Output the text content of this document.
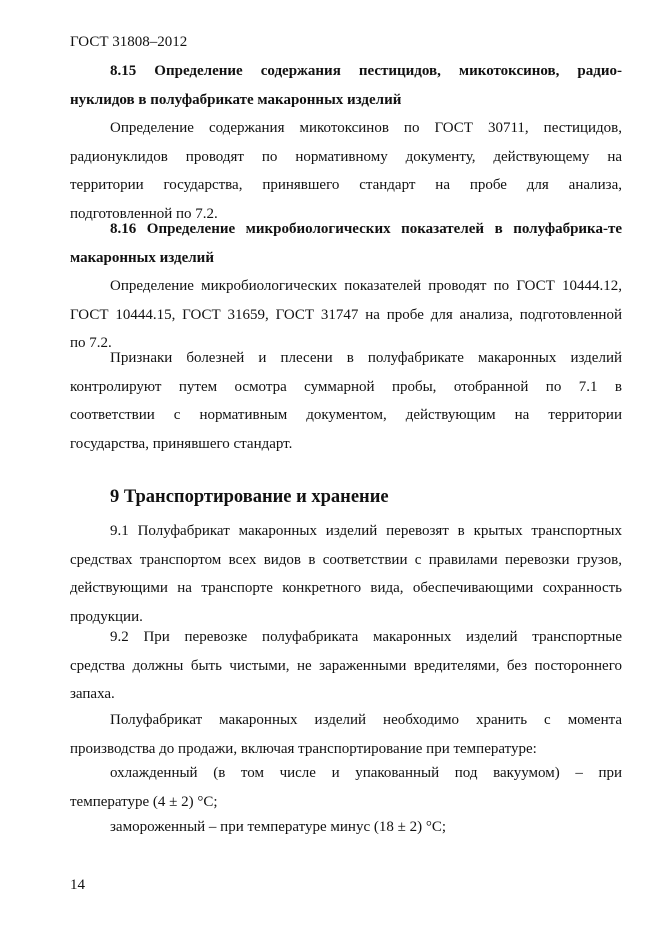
ГОСТ 31808–2012
8.15 Определение содержания пестицидов, микотоксинов, радио-
нуклидов в полуфабрикате макаронных изделий
Определение содержания микотоксинов по ГОСТ 30711, пестицидов,
радионуклидов проводят по нормативному документу, действующему на
территории государства, принявшего стандарт на пробе для анализа,
подготовленной по 7.2.
8.16 Определение микробиологических показателей в полуфабрика-те
макаронных изделий
Определение микробиологических показателей проводят по ГОСТ 10444.12,
ГОСТ 10444.15, ГОСТ 31659, ГОСТ 31747 на пробе для анализа, подготовленной
по 7.2.
Признаки болезней и плесени в полуфабрикате макаронных изделий
контролируют путем осмотра суммарной пробы, отобранной по 7.1 в
соответствии с нормативным документом, действующим на территории
государства, принявшего стандарт.
9 Транспортирование и хранение
9.1 Полуфабрикат макаронных изделий перевозят в крытых транспортных
средствах транспортом всех видов в соответствии с правилами перевозки грузов,
действующими на транспорте конкретного вида, обеспечивающими сохранность
продукции.
9.2 При перевозке полуфабриката макаронных изделий транспортные
средства должны быть чистыми, не зараженными вредителями, без постороннего
запаха.
Полуфабрикат макаронных изделий необходимо хранить с момента
производства до продажи, включая транспортирование при температуре:
охлажденный (в том числе и упакованный под вакуумом) – при
температуре (4 ± 2) °С;
замороженный – при температуре минус (18 ± 2) °С;
14
